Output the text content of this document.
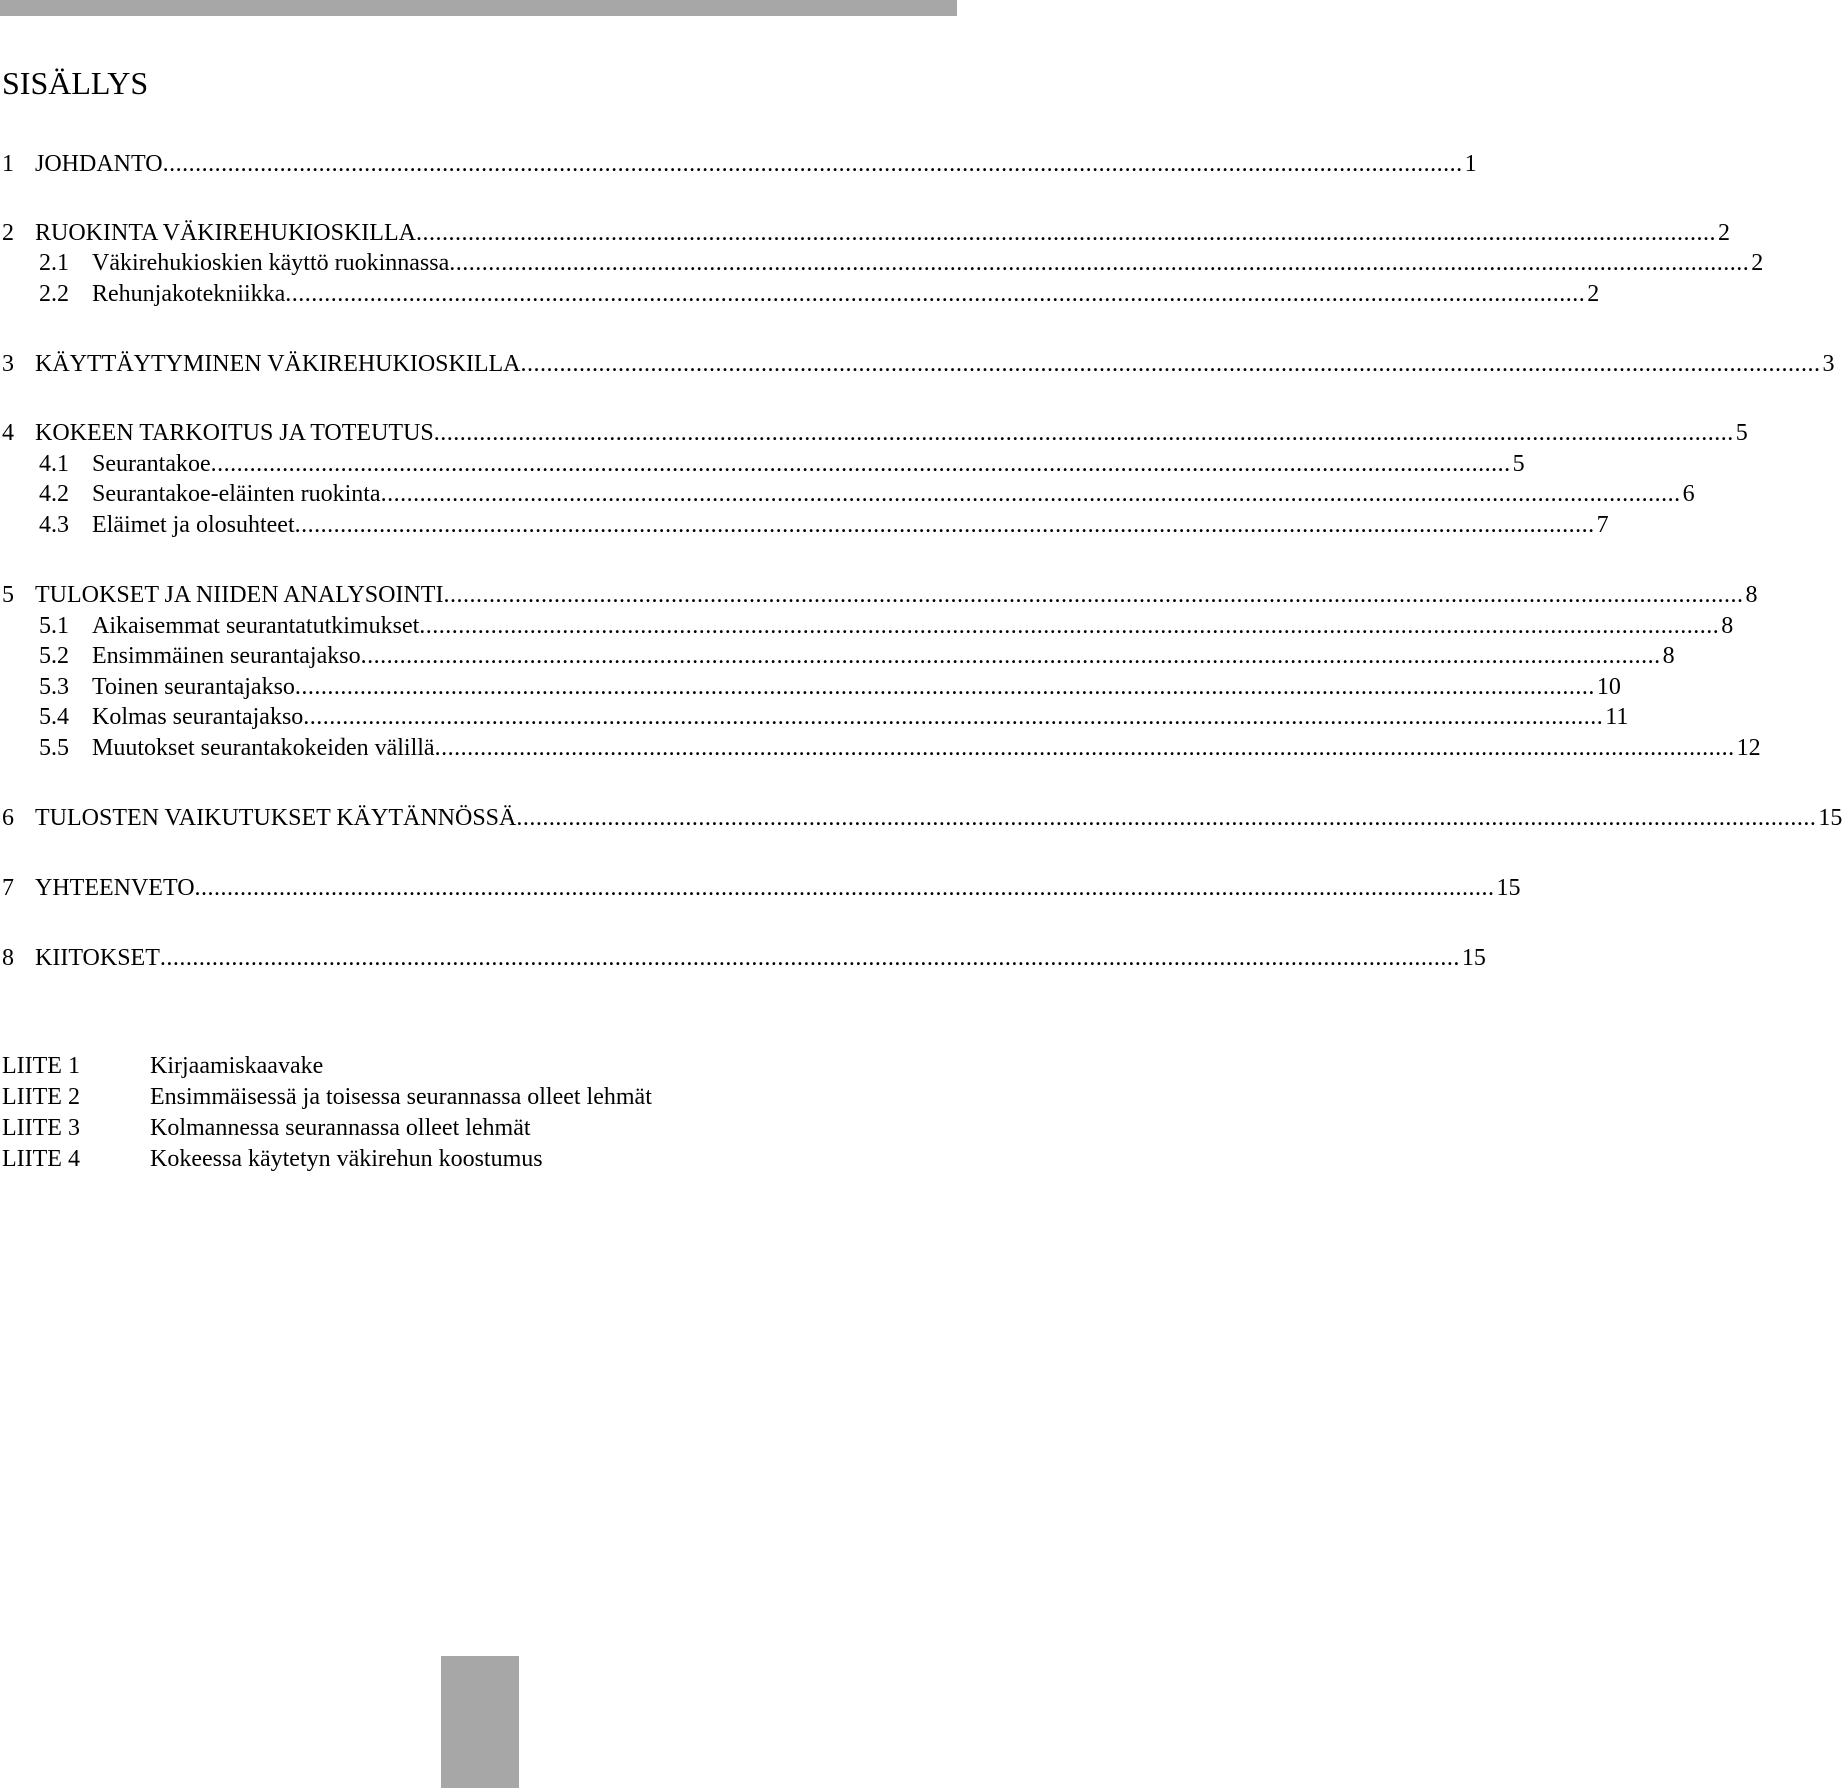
SISÄLLYS
1 JOHDANTO ........................................................................................................................................................................................................ 1
2 RUOKINTA VÄKIREHUKIOSKILLA ........................................................................................................................................................................................................ 2
2.1 Väkirehukioskien käyttö ruokinnassa ........................................................................................................................................................................................................ 2
2.2 Rehunjakotekniikka ........................................................................................................................................................................................................ 2
3 KÄYTTÄYTYMINEN VÄKIREHUKIOSKILLA ........................................................................................................................................................................................................ 3
4 KOKEEN TARKOITUS JA TOTEUTUS ........................................................................................................................................................................................................ 5
4.1 Seurantakoe ........................................................................................................................................................................................................ 5
4.2 Seurantakoe-eläinten ruokinta ........................................................................................................................................................................................................ 6
4.3 Eläimet ja olosuhteet ........................................................................................................................................................................................................ 7
5 TULOKSET JA NIIDEN ANALYSOINTI ........................................................................................................................................................................................................ 8
5.1 Aikaisemmat seurantatutkimukset ........................................................................................................................................................................................................ 8
5.2 Ensimmäinen seurantajakso ........................................................................................................................................................................................................ 8
5.3 Toinen seurantajakso ........................................................................................................................................................................................................ 10
5.4 Kolmas seurantajakso ........................................................................................................................................................................................................ 11
5.5 Muutokset seurantakokeiden välillä ........................................................................................................................................................................................................ 12
6 TULOSTEN VAIKUTUKSET KÄYTÄNNÖSSÄ ........................................................................................................................................................................................................ 15
7 YHTEENVETO ........................................................................................................................................................................................................ 15
8 KIITOKSET ........................................................................................................................................................................................................ 15
LIITE 1	Kirjaamiskaavake
LIITE 2	Ensimmäisessä ja toisessa seurannassa olleet lehmät
LIITE 3	Kolmannessa seurannassa olleet lehmät
LIITE 4	Kokeessa käytetyn väkirehun koostumus
